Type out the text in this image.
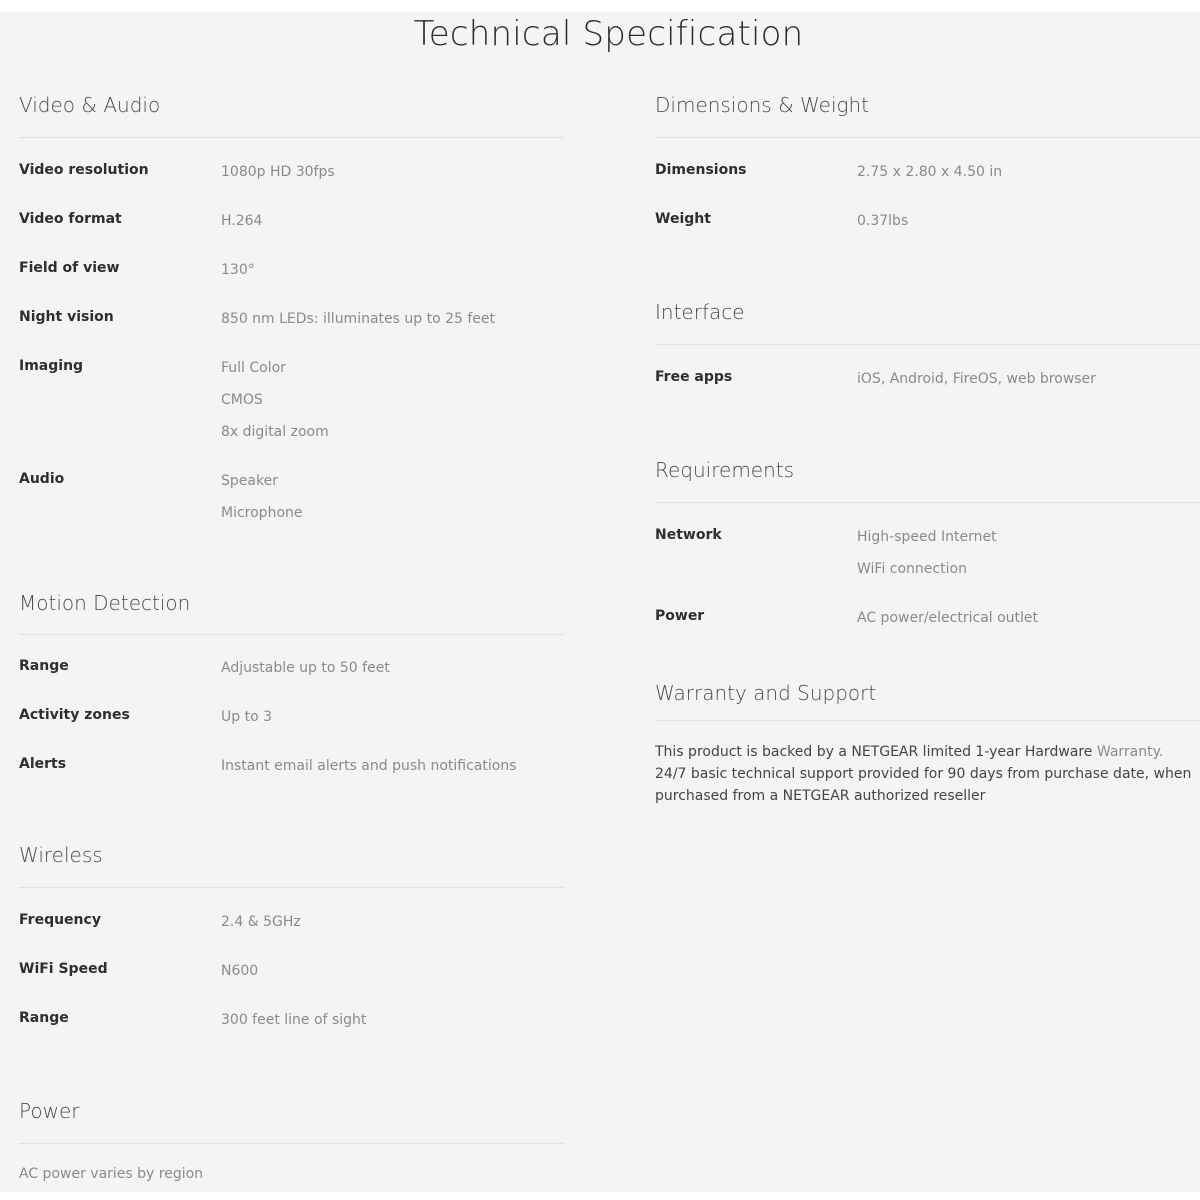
Technical Specification
Video & Audio
Video resolution	1080p HD 30fps
Video format	H.264
Field of view	130°
Night vision	850 nm LEDs: illuminates up to 25 feet
Imaging	Full Color
CMOS
8x digital zoom
Audio	Speaker
Microphone
Motion Detection
Range	Adjustable up to 50 feet
Activity zones	Up to 3
Alerts	Instant email alerts and push notifications
Wireless
Frequency	2.4 & 5GHz
WiFi Speed	N600
Range	300 feet line of sight
Power
AC power varies by region
Dimensions & Weight
Dimensions	2.75 x 2.80 x 4.50 in
Weight	0.37lbs
Interface
Free apps	iOS, Android, FireOS, web browser
Requirements
Network	High-speed Internet
WiFi connection
Power	AC power/electrical outlet
Warranty and Support
This product is backed by a NETGEAR limited 1-year Hardware Warranty. 24/7 basic technical support provided for 90 days from purchase date, when purchased from a NETGEAR authorized reseller
